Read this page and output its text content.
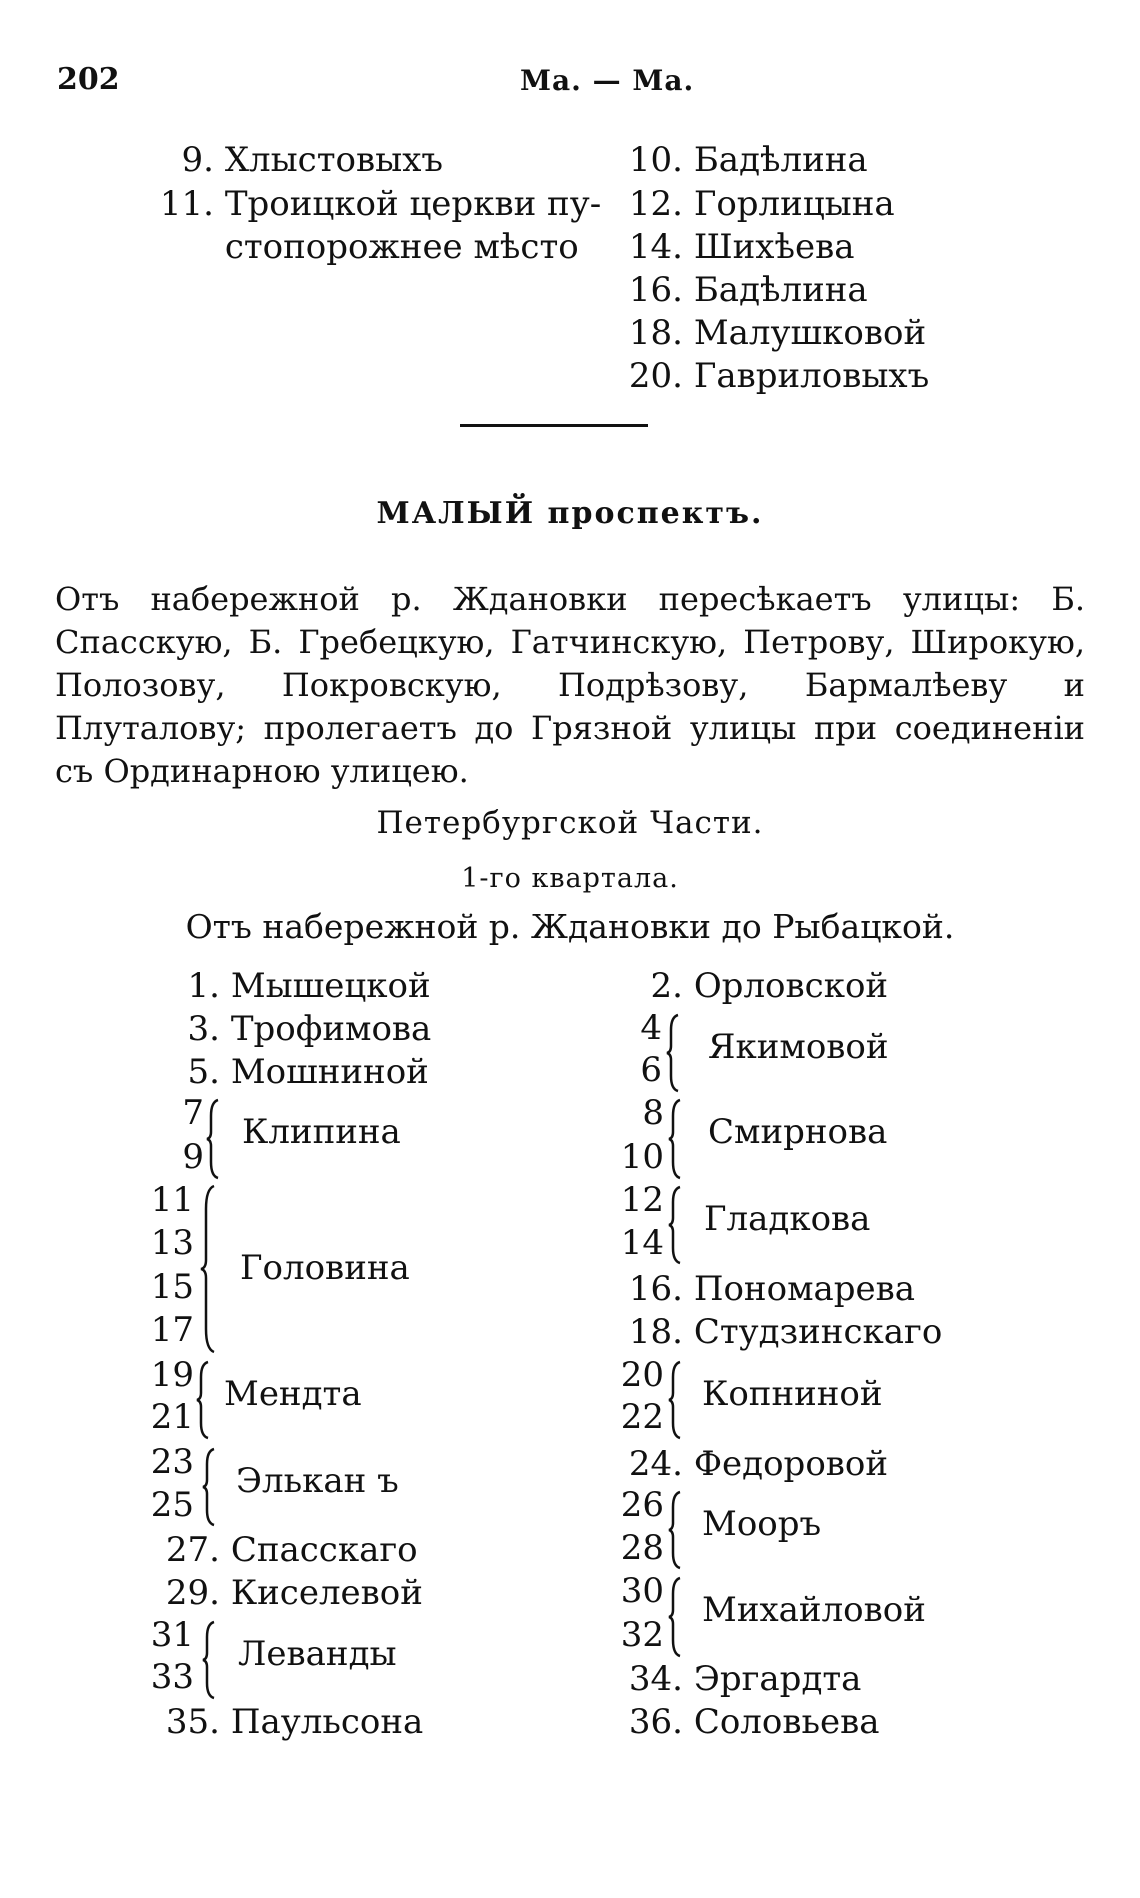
202	Ма. — Ма.
9. Хлыстовыхъ
11. Троицкой церкви пу-
стопорожнее мѣсто
10. Бадѣлина
12. Горлицына
14. Шихѣева
16. Бадѣлина
18. Малушковой
20. Гавриловыхъ
МАЛЫЙ проспектъ.
Отъ набережной р. Ждановки пересѣкаетъ улицы: Б. Спасскую, Б. Гребецкую, Гатчинскую, Петрову, Широкую, Полозову, Покровскую, Подрѣзову, Бармалѣеву и Плуталову; пролегаетъ до Грязной улицы при соединенiи съ Ординарною улицею.
Петербургской Части.
1-го квартала.
Отъ набережной р. Ждановки до Рыбацкой.
1. Мышецкой
3. Трофимова
5. Мошниной
7
9
Клипина
11
13
15
17
Головина
19
21
Мендта
23
25
Элькан ъ
27. Спасскаго
29. Киселевой
31
33
Леванды
35. Паульсона
2. Орловской
4
6
Якимовой
8
10
Смирнова
12
14
Гладкова
16. Пономарева
18. Студзинскаго
20
22
Копниной
24. Федоровой
26
28
Мооръ
30
32
Михайловой
34. Эргардта
36. Соловьева
